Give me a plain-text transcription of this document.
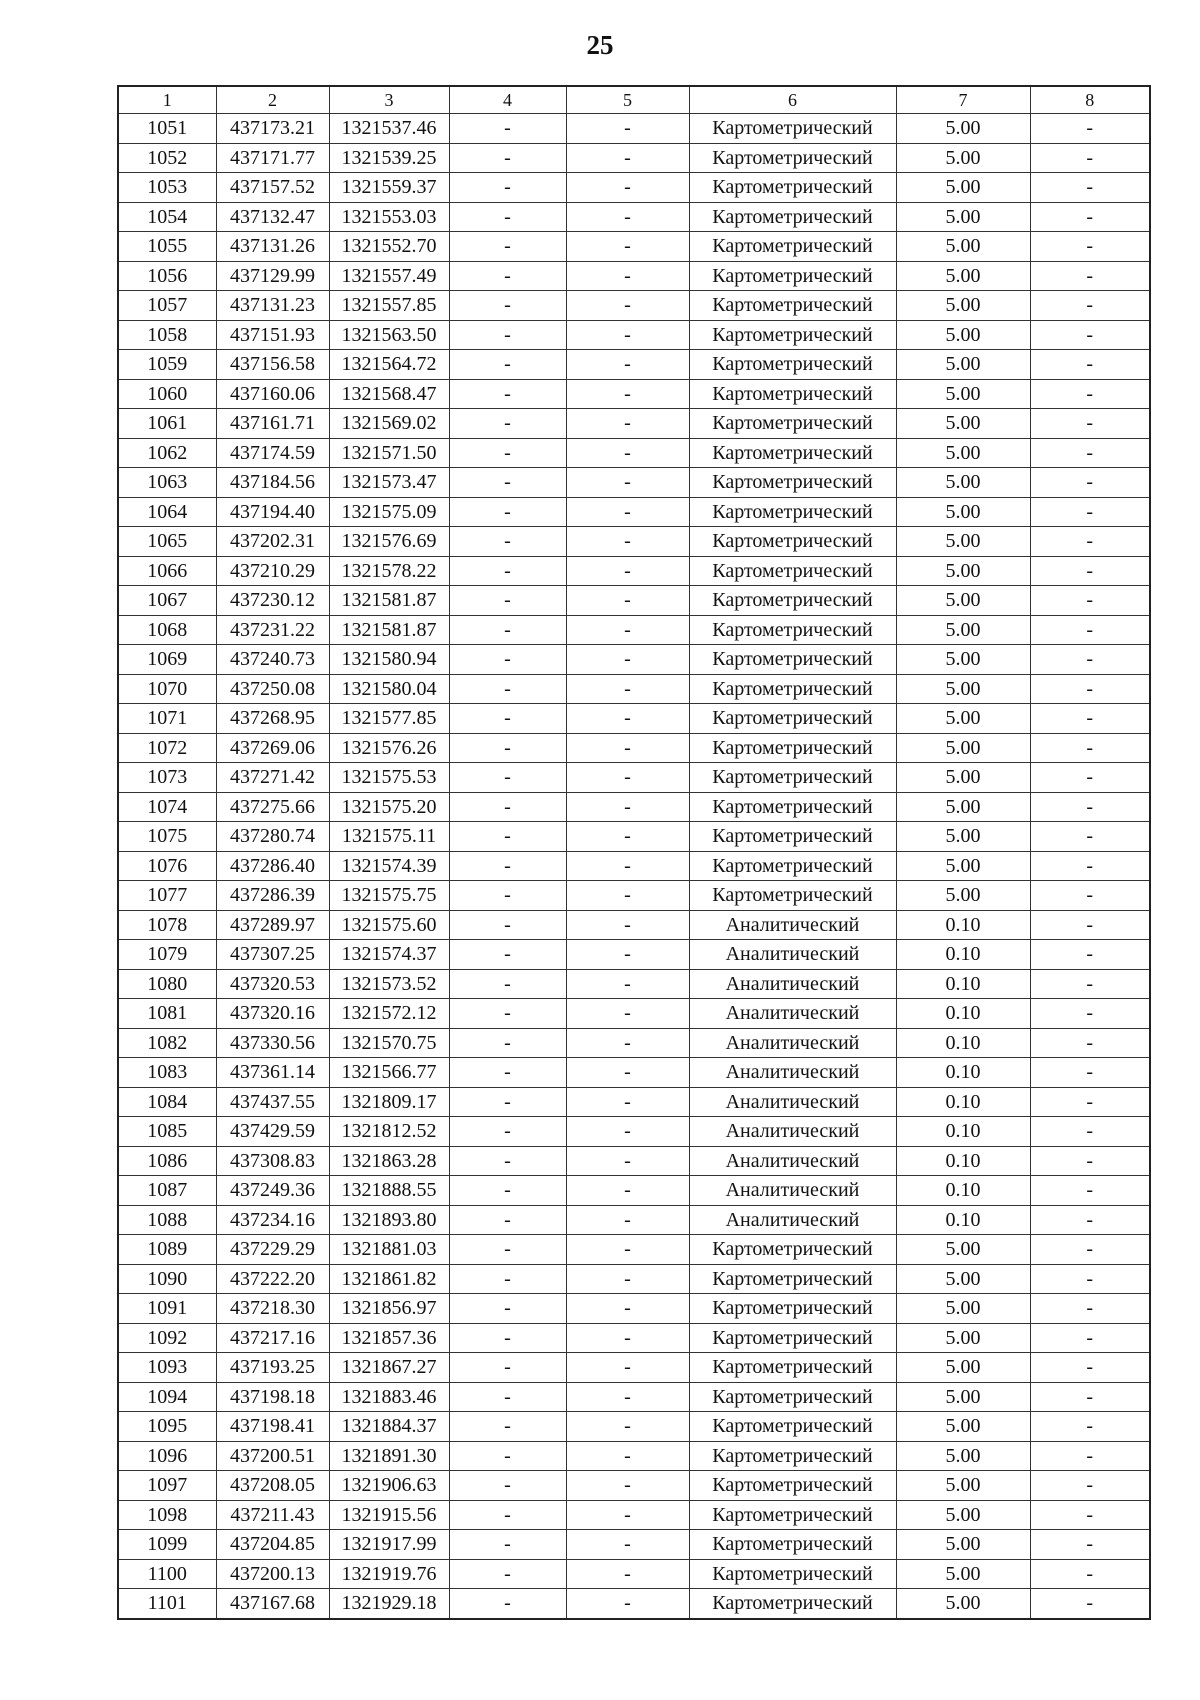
25
1	2	3	4	5	6	7	8
1051	437173.21	1321537.46	-	-	Картометрический	5.00	-
1052	437171.77	1321539.25	-	-	Картометрический	5.00	-
1053	437157.52	1321559.37	-	-	Картометрический	5.00	-
1054	437132.47	1321553.03	-	-	Картометрический	5.00	-
1055	437131.26	1321552.70	-	-	Картометрический	5.00	-
1056	437129.99	1321557.49	-	-	Картометрический	5.00	-
1057	437131.23	1321557.85	-	-	Картометрический	5.00	-
1058	437151.93	1321563.50	-	-	Картометрический	5.00	-
1059	437156.58	1321564.72	-	-	Картометрический	5.00	-
1060	437160.06	1321568.47	-	-	Картометрический	5.00	-
1061	437161.71	1321569.02	-	-	Картометрический	5.00	-
1062	437174.59	1321571.50	-	-	Картометрический	5.00	-
1063	437184.56	1321573.47	-	-	Картометрический	5.00	-
1064	437194.40	1321575.09	-	-	Картометрический	5.00	-
1065	437202.31	1321576.69	-	-	Картометрический	5.00	-
1066	437210.29	1321578.22	-	-	Картометрический	5.00	-
1067	437230.12	1321581.87	-	-	Картометрический	5.00	-
1068	437231.22	1321581.87	-	-	Картометрический	5.00	-
1069	437240.73	1321580.94	-	-	Картометрический	5.00	-
1070	437250.08	1321580.04	-	-	Картометрический	5.00	-
1071	437268.95	1321577.85	-	-	Картометрический	5.00	-
1072	437269.06	1321576.26	-	-	Картометрический	5.00	-
1073	437271.42	1321575.53	-	-	Картометрический	5.00	-
1074	437275.66	1321575.20	-	-	Картометрический	5.00	-
1075	437280.74	1321575.11	-	-	Картометрический	5.00	-
1076	437286.40	1321574.39	-	-	Картометрический	5.00	-
1077	437286.39	1321575.75	-	-	Картометрический	5.00	-
1078	437289.97	1321575.60	-	-	Аналитический	0.10	-
1079	437307.25	1321574.37	-	-	Аналитический	0.10	-
1080	437320.53	1321573.52	-	-	Аналитический	0.10	-
1081	437320.16	1321572.12	-	-	Аналитический	0.10	-
1082	437330.56	1321570.75	-	-	Аналитический	0.10	-
1083	437361.14	1321566.77	-	-	Аналитический	0.10	-
1084	437437.55	1321809.17	-	-	Аналитический	0.10	-
1085	437429.59	1321812.52	-	-	Аналитический	0.10	-
1086	437308.83	1321863.28	-	-	Аналитический	0.10	-
1087	437249.36	1321888.55	-	-	Аналитический	0.10	-
1088	437234.16	1321893.80	-	-	Аналитический	0.10	-
1089	437229.29	1321881.03	-	-	Картометрический	5.00	-
1090	437222.20	1321861.82	-	-	Картометрический	5.00	-
1091	437218.30	1321856.97	-	-	Картометрический	5.00	-
1092	437217.16	1321857.36	-	-	Картометрический	5.00	-
1093	437193.25	1321867.27	-	-	Картометрический	5.00	-
1094	437198.18	1321883.46	-	-	Картометрический	5.00	-
1095	437198.41	1321884.37	-	-	Картометрический	5.00	-
1096	437200.51	1321891.30	-	-	Картометрический	5.00	-
1097	437208.05	1321906.63	-	-	Картометрический	5.00	-
1098	437211.43	1321915.56	-	-	Картометрический	5.00	-
1099	437204.85	1321917.99	-	-	Картометрический	5.00	-
1100	437200.13	1321919.76	-	-	Картометрический	5.00	-
1101	437167.68	1321929.18	-	-	Картометрический	5.00	-
